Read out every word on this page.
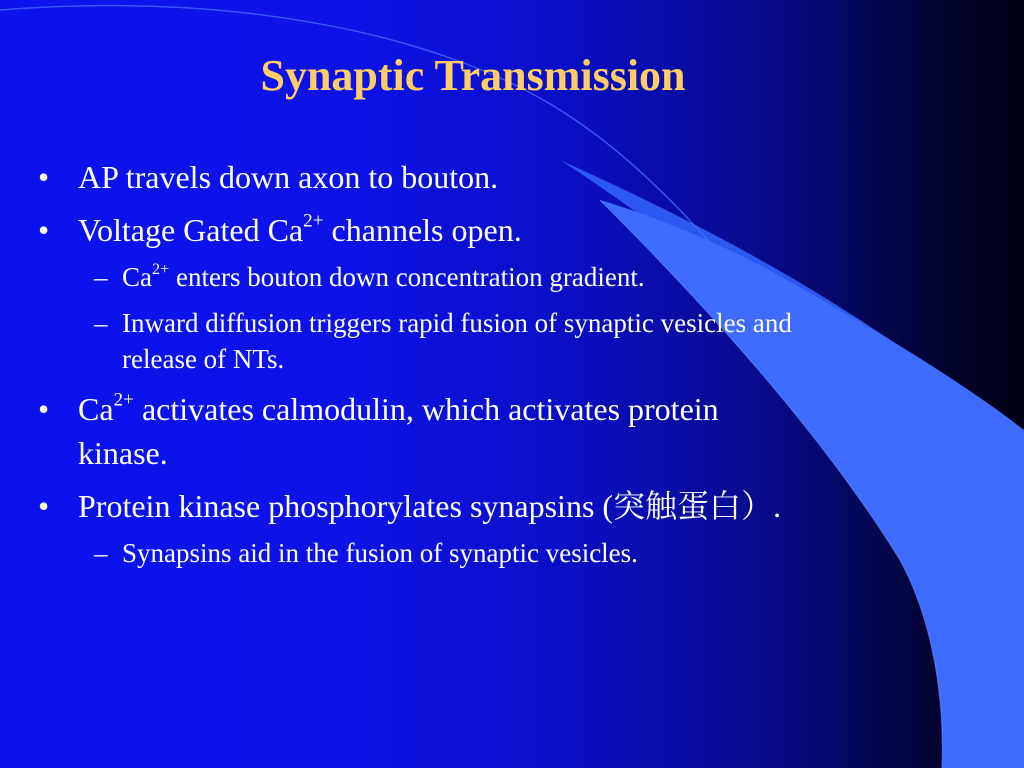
Synaptic Transmission
• AP travels down axon to bouton.
• Voltage Gated $Ca^{2+}$ channels open.
– $Ca^{2+}$ enters bouton down concentration gradient.
– Inward diffusion triggers rapid fusion of synaptic vesicles and
release of NTs.
• $Ca^{2+}$ activates calmodulin, which activates protein
kinase.
• Protein kinase phosphorylates synapsins (突触蛋白）.
– Synapsins aid in the fusion of synaptic vesicles.
